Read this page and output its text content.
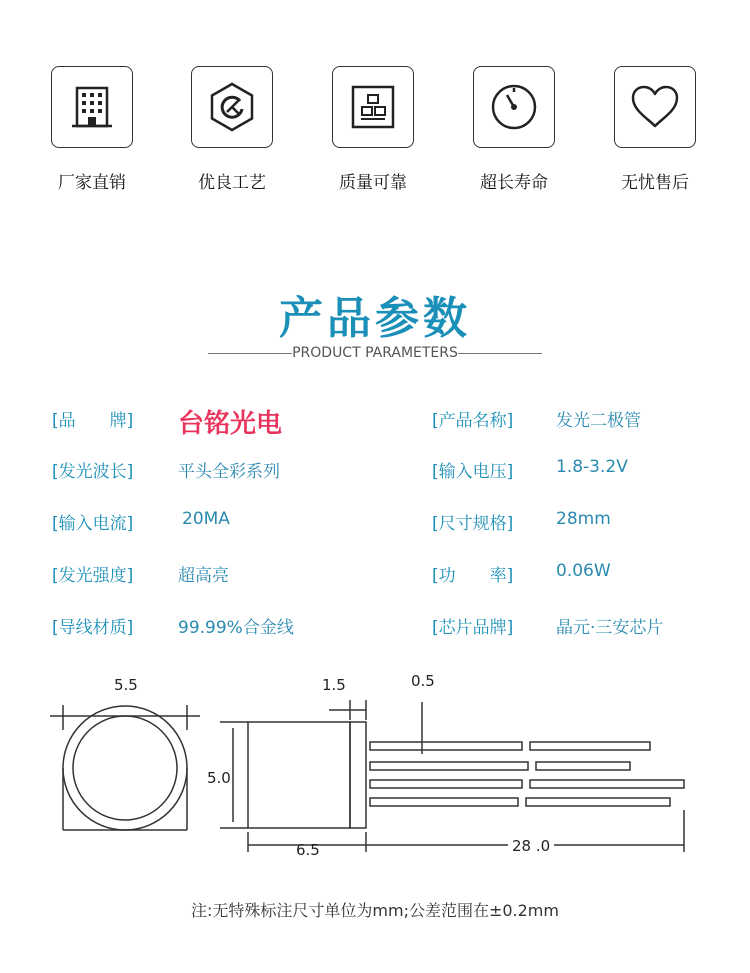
厂家直销	优良工艺	质量可靠	超长寿命	无忧售后
产品参数
PRODUCT PARAMETERS
[品　　牌] 台铭光电	[产品名称]	发光二极管
[发光波长]	平头全彩系列	[输入电压]	1.8-3.2V
[输入电流]	20MA	[尺寸规格]	28mm
[发光强度]	超高亮	[功　　率]	0.06W
[导线材质]	99.99%合金线	[芯片品牌]	晶元·三安芯片
5.5
5.0
1.5	0.5
6.5	28 .0
注:无特殊标注尺寸单位为mm;公差范围在±0.2mm
